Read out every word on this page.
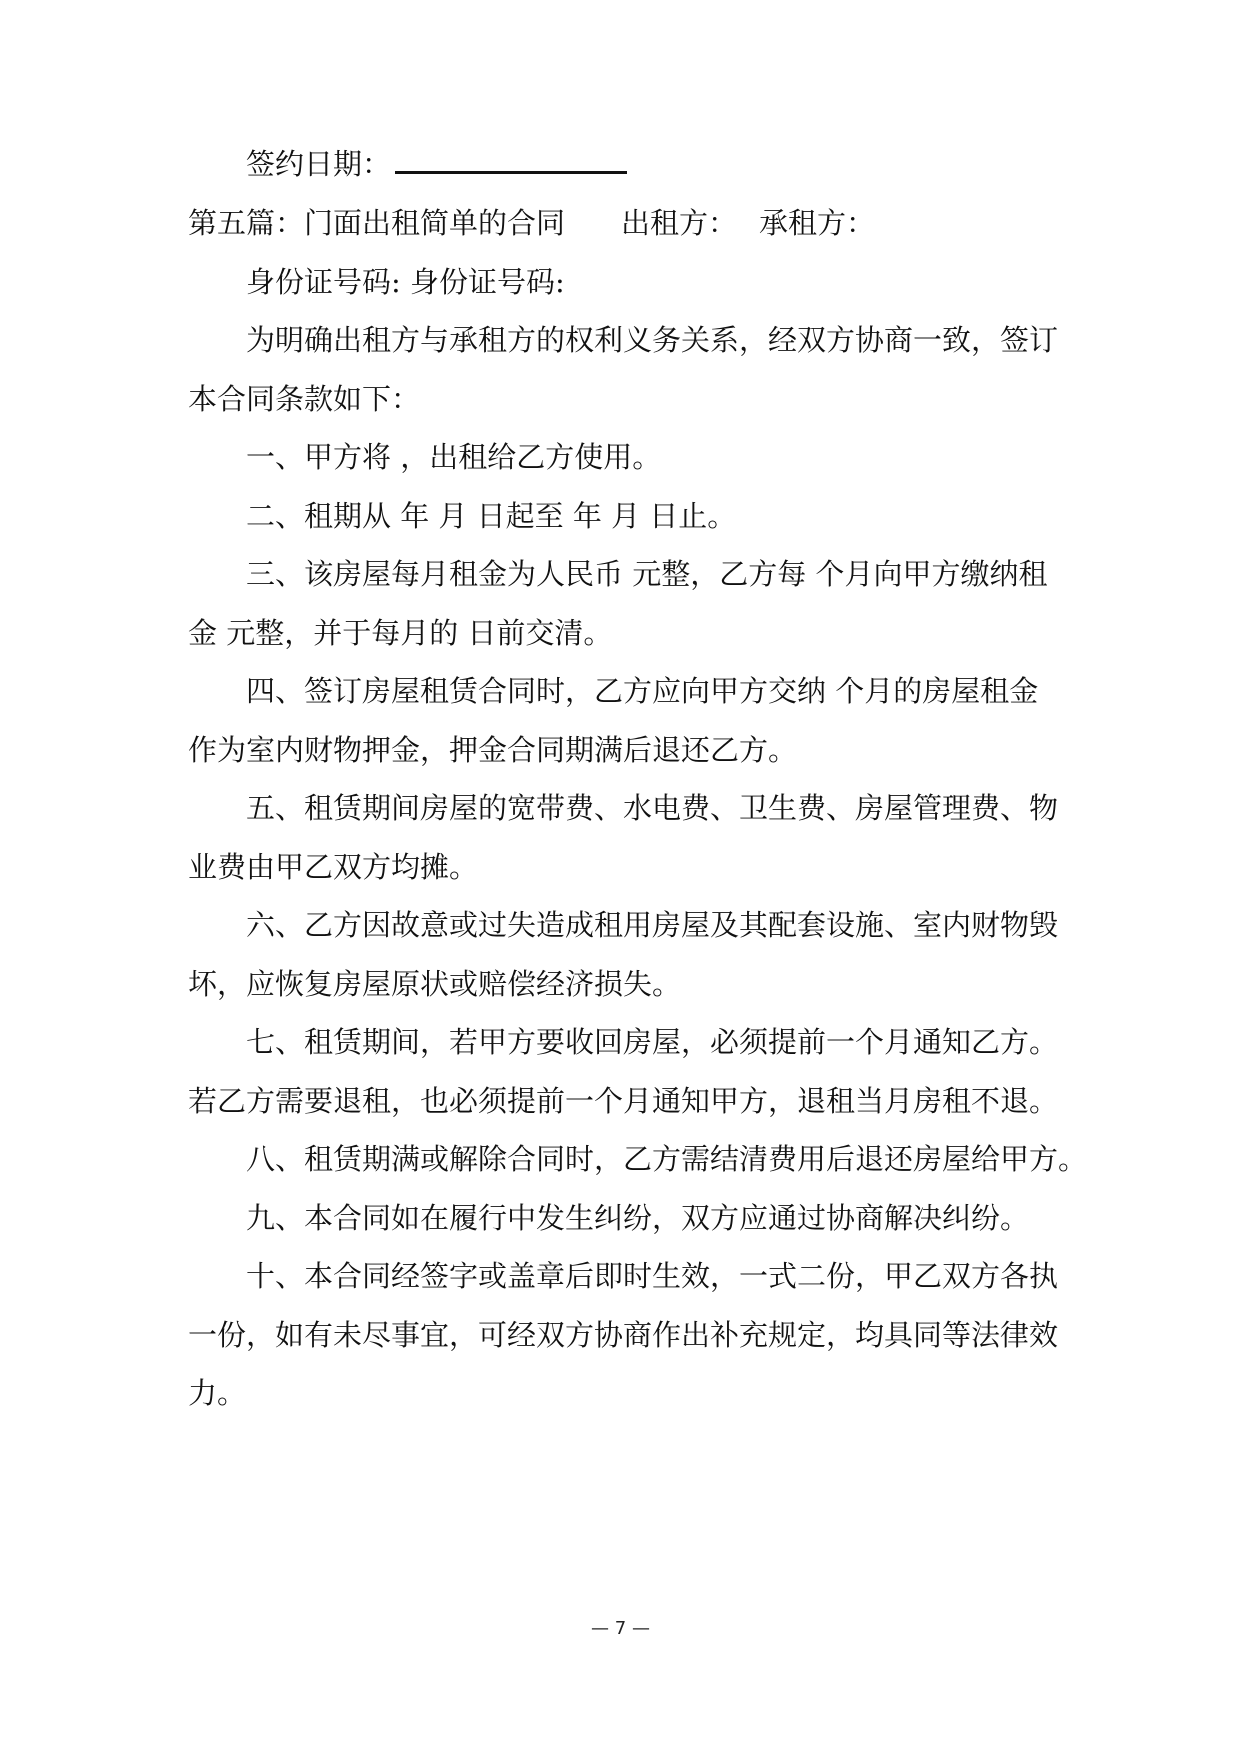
签约日期：
第五篇：门面出租简单的合同 出租方： 承租方：
身份证号码: 身份证号码:
为明确出租方与承租方的权利义务关系，经双方协商一致，签订
本合同条款如下：
一、甲方将 ，出租给乙方使用。
二、租期从 年 月 日起至 年 月 日止。
三、该房屋每月租金为人民币 元整，乙方每 个月向甲方缴纳租
金 元整，并于每月的 日前交清。
四、签订房屋租赁合同时，乙方应向甲方交纳 个月的房屋租金
作为室内财物押金，押金合同期满后退还乙方。
五、租赁期间房屋的宽带费、水电费、卫生费、房屋管理费、物
业费由甲乙双方均摊。
六、乙方因故意或过失造成租用房屋及其配套设施、室内财物毁
坏，应恢复房屋原状或赔偿经济损失。
七、租赁期间，若甲方要收回房屋，必须提前一个月通知乙方。
若乙方需要退租，也必须提前一个月通知甲方，退租当月房租不退。
八、租赁期满或解除合同时，乙方需结清费用后退还房屋给甲方。
九、本合同如在履行中发生纠纷，双方应通过协商解决纠纷。
十、本合同经签字或盖章后即时生效，一式二份，甲乙双方各执
一份，如有未尽事宜，可经双方协商作出补充规定，均具同等法律效
力。
— 7 —
